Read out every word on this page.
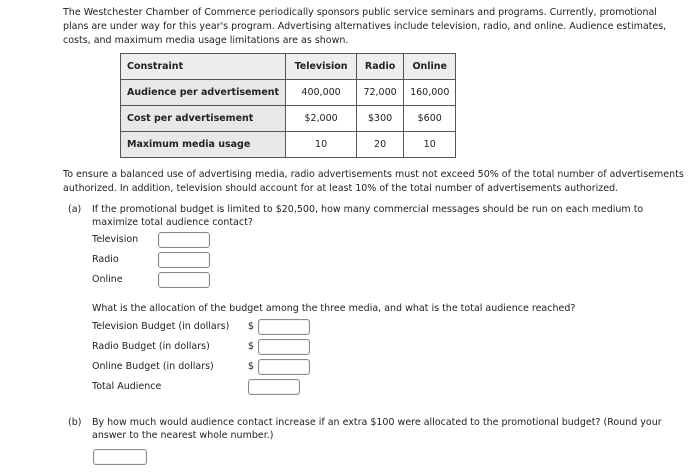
The Westchester Chamber of Commerce periodically sponsors public service seminars and programs. Currently, promotional plans are under way for this year's program. Advertising alternatives include television, radio, and online. Audience estimates, costs, and maximum media usage limitations are as shown.

Constraint	Television	Radio	Online
Audience per advertisement	400,000	72,000	160,000
Cost per advertisement	$2,000	$300	$600
Maximum media usage	10	20	10

To ensure a balanced use of advertising media, radio advertisements must not exceed 50% of the total number of advertisements authorized. In addition, television should account for at least 10% of the total number of advertisements authorized.

(a) If the promotional budget is limited to $20,500, how many commercial messages should be run on each medium to maximize total audience contact?
Television
Radio
Online
What is the allocation of the budget among the three media, and what is the total audience reached?
Television Budget (in dollars) $
Radio Budget (in dollars)	$
Online Budget (in dollars)	$
Total Audience
(b) By how much would audience contact increase if an extra $100 were allocated to the promotional budget? (Round your answer to the nearest whole number.)
